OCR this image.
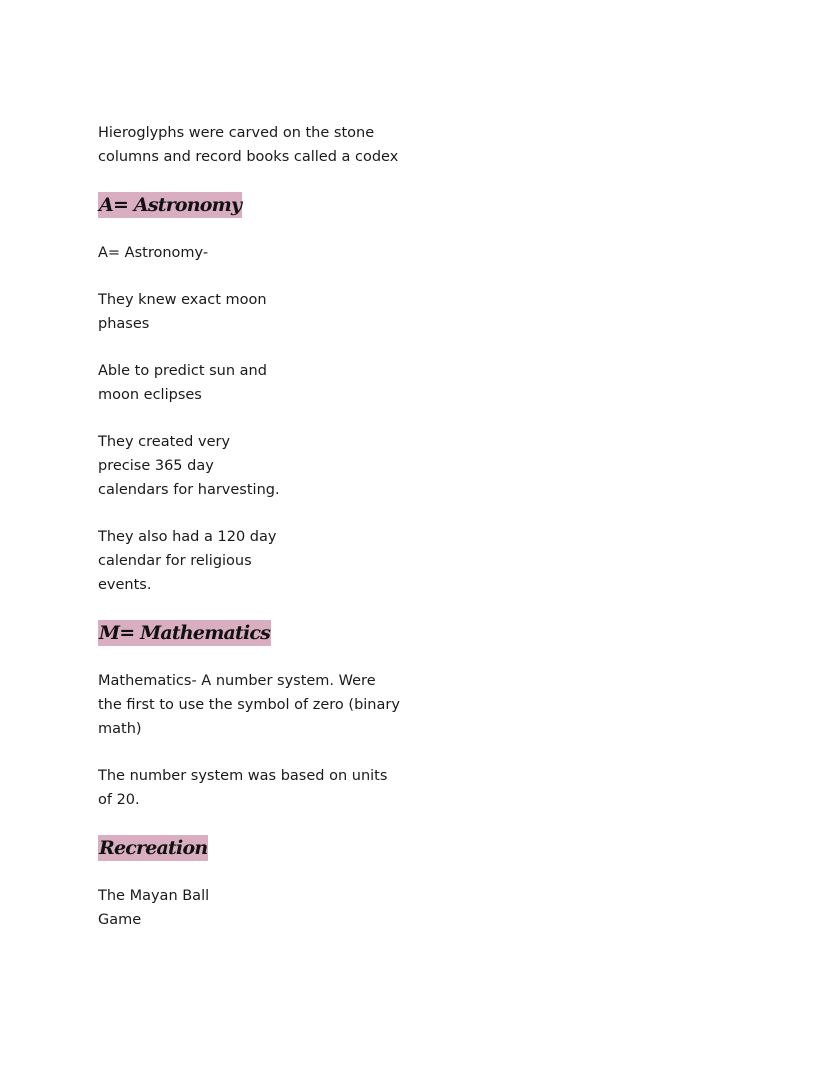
Hieroglyphs were carved on the stone
columns and record books called a codex

A= Astronomy

A= Astronomy-

They knew exact moon
phases

Able to predict sun and
moon eclipses

They created very
precise 365 day
calendars for harvesting.

They also had a 120 day
calendar for religious
events.

M= Mathematics

Mathematics- A number system. Were
the first to use the symbol of zero (binary
math)

The number system was based on units
of 20.

Recreation

The Mayan Ball
Game
